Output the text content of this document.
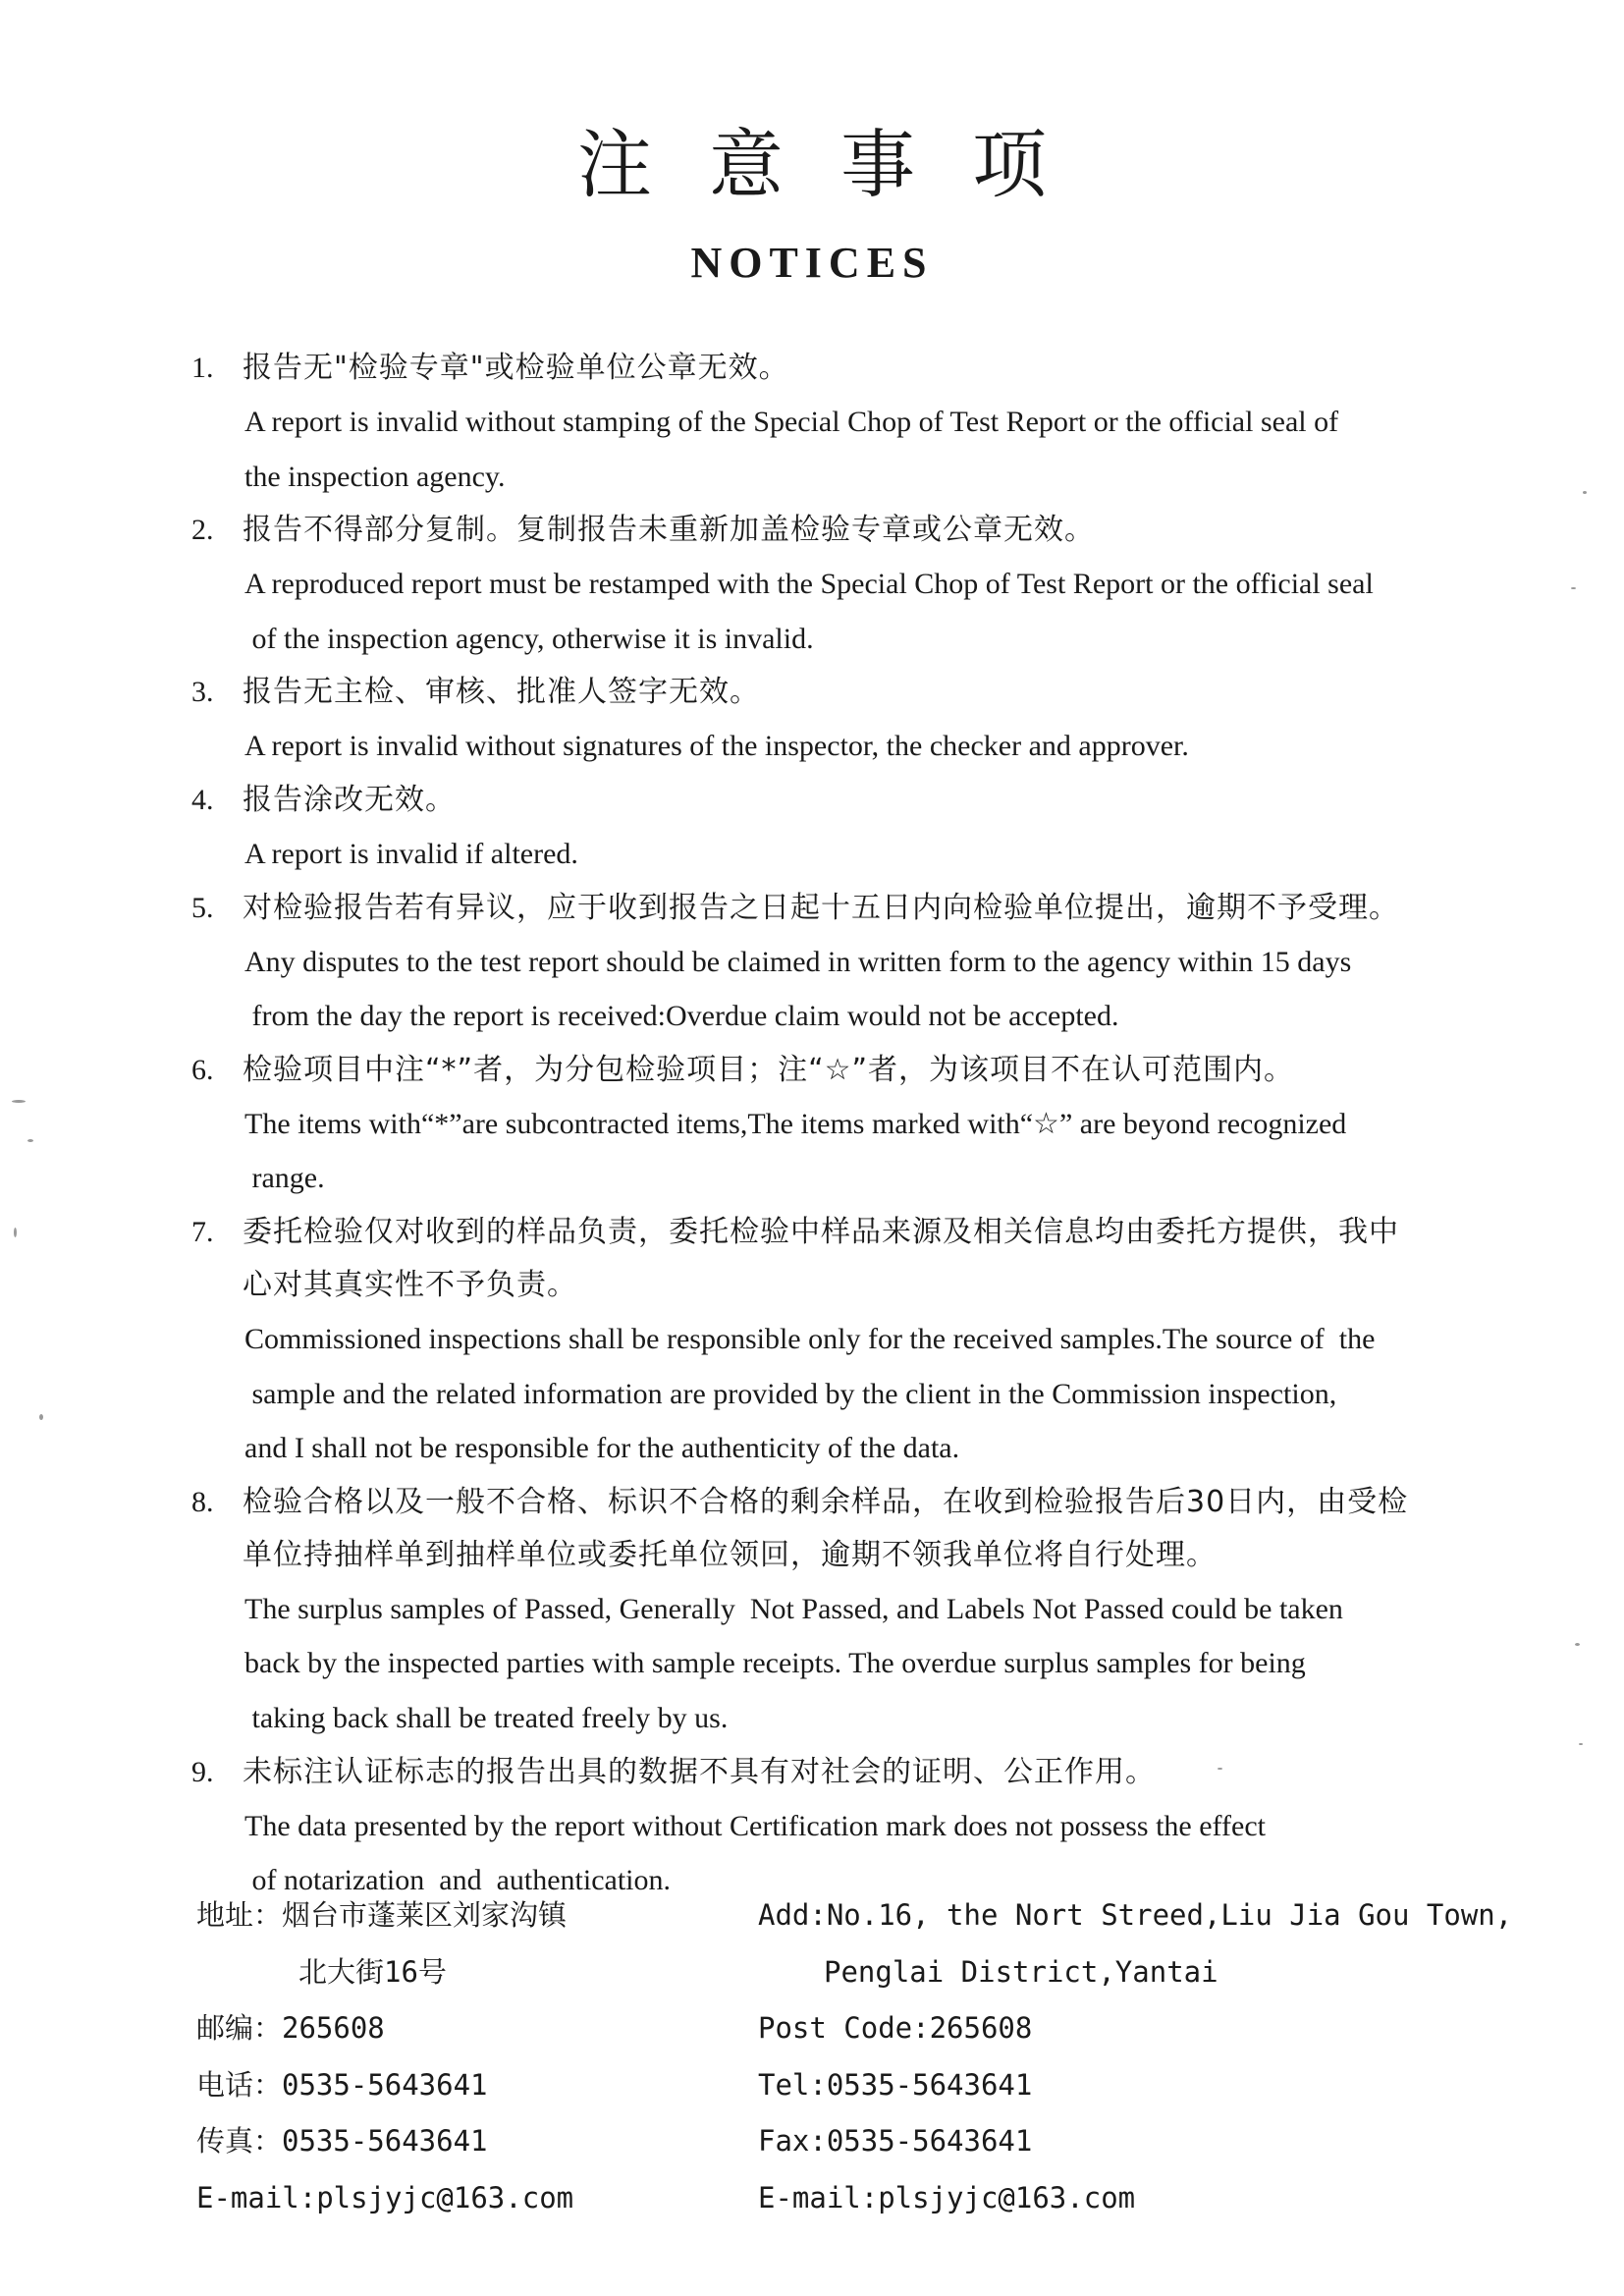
注意事项
NOTICES
1. 报告无"检验专章"或检验单位公章无效。
A report is invalid without stamping of the Special Chop of Test Report or the official seal of
the inspection agency.
2. 报告不得部分复制。复制报告未重新加盖检验专章或公章无效。
A reproduced report must be restamped with the Special Chop of Test Report or the official seal
of the inspection agency, otherwise it is invalid.
3. 报告无主检、审核、批准人签字无效。
A report is invalid without signatures of the inspector, the checker and approver.
4. 报告涂改无效。
A report is invalid if altered.
5. 对检验报告若有异议，应于收到报告之日起十五日内向检验单位提出，逾期不予受理。
Any disputes to the test report should be claimed in written form to the agency within 15 days
from the day the report is received:Overdue claim would not be accepted.
6. 检验项目中注“*”者，为分包检验项目；注“☆”者，为该项目不在认可范围内。
The items with“*”are subcontracted items,The items marked with“☆” are beyond recognized
range.
7. 委托检验仅对收到的样品负责，委托检验中样品来源及相关信息均由委托方提供，我中
心对其真实性不予负责。
Commissioned inspections shall be responsible only for the received samples.The source of  the
sample and the related information are provided by the client in the Commission inspection,
and I shall not be responsible for the authenticity of the data.
8. 检验合格以及一般不合格、标识不合格的剩余样品，在收到检验报告后30日内，由受检
单位持抽样单到抽样单位或委托单位领回，逾期不领我单位将自行处理。
The surplus samples of Passed, Generally  Not Passed, and Labels Not Passed could be taken
back by the inspected parties with sample receipts. The overdue surplus samples for being
taking back shall be treated freely by us.
9. 未标注认证标志的报告出具的数据不具有对社会的证明、公正作用。
The data presented by the report without Certification mark does not possess the effect
of notarization  and  authentication.
地址：烟台市蓬莱区刘家沟镇
北大街16号
邮编：265608
电话：0535-5643641
传真：0535-5643641
E-mail:plsjyjc@163.com
Add:No.16, the Nort Streed,Liu Jia Gou Town,
Penglai District,Yantai
Post Code:265608
Tel:0535-5643641
Fax:0535-5643641
E-mail:plsjyjc@163.com
